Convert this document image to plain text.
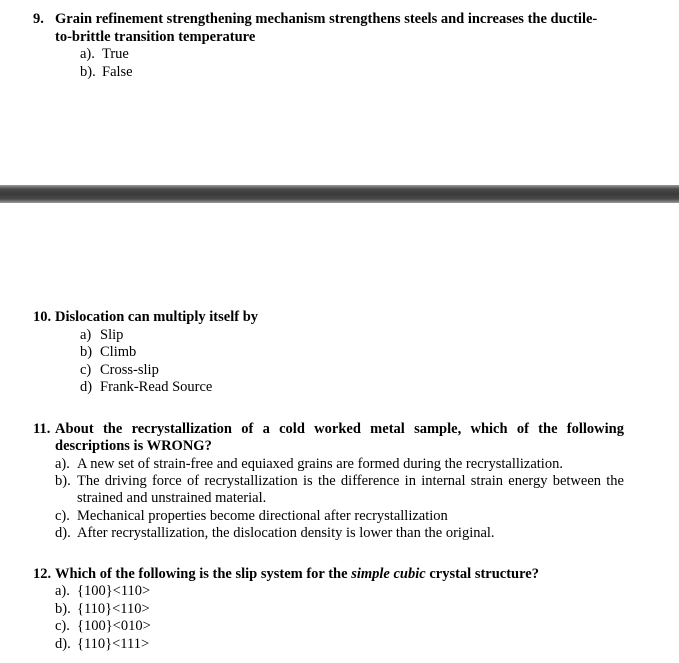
9. Grain refinement strengthening mechanism strengthens steels and increases the ductile-
to-brittle transition temperature
a). True
b). False
10. Dislocation can multiply itself by
a) Slip
b) Climb
c) Cross-slip
d) Frank-Read Source
11. About the recrystallization of a cold worked metal sample, which of the following
descriptions is WRONG?
a). A new set of strain-free and equiaxed grains are formed during the recrystallization.
b). The driving force of recrystallization is the difference in internal strain energy between the
strained and unstrained material.
c). Mechanical properties become directional after recrystallization
d). After recrystallization, the dislocation density is lower than the original.
12. Which of the following is the slip system for the simple cubic crystal structure?
a). {100}<110>
b). {110}<110>
c). {100}<010>
d). {110}<111>
